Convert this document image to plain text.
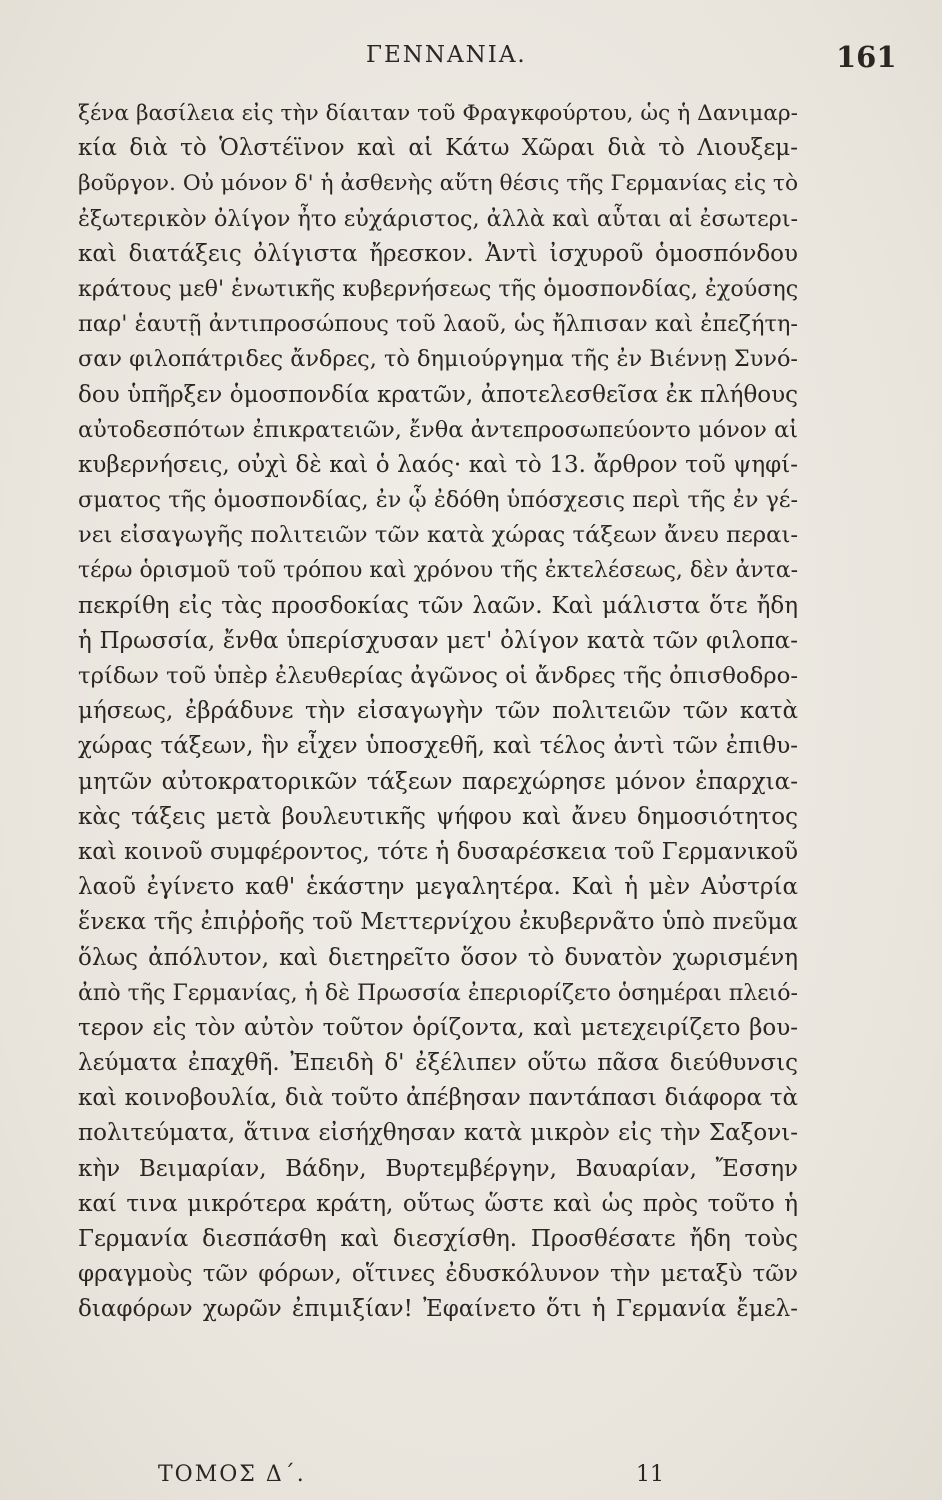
ΓΕΝΝΑΝΙΑ.	161
ξένα βασίλεια εἰς τὴν δίαιταν τοῦ Φραγκφούρτου, ὡς ἡ Δανιμαρ-
κία διὰ τὸ Ὁλστέϊνον καὶ αἱ Κάτω Χῶραι διὰ τὸ Λιουξεμ-
βοῦργον. Οὐ μόνον δ' ἡ ἀσθενὴς αὕτη θέσις τῆς Γερμανίας εἰς τὸ
ἐξωτερικὸν ὀλίγον ἦτο εὐχάριστος, ἀλλὰ καὶ αὗται αἱ ἐσωτερι-
καὶ διατάξεις ὀλίγιστα ἤρεσκον. Ἀντὶ ἰσχυροῦ ὁμοσπόνδου
κράτους μεθ' ἑνωτικῆς κυβερνήσεως τῆς ὁμοσπονδίας, ἐχούσης
παρ' ἑαυτῇ ἀντιπροσώπους τοῦ λαοῦ, ὡς ἤλπισαν καὶ ἐπεζήτη-
σαν φιλοπάτριδες ἄνδρες, τὸ δημιούργημα τῆς ἐν Βιέννῃ Συνό-
δου ὑπῆρξεν ὁμοσπονδία κρατῶν, ἀποτελεσθεῖσα ἐκ πλήθους
αὐτοδεσπότων ἐπικρατειῶν, ἔνθα ἀντεπροσωπεύοντο μόνον αἱ
κυβερνήσεις, οὐχὶ δὲ καὶ ὁ λαός· καὶ τὸ 13. ἄρθρον τοῦ ψηφί-
σματος τῆς ὁμοσπονδίας, ἐν ᾧ ἐδόθη ὑπόσχεσις περὶ τῆς ἐν γέ-
νει εἰσαγωγῆς πολιτειῶν τῶν κατὰ χώρας τάξεων ἄνευ περαι-
τέρω ὁρισμοῦ τοῦ τρόπου καὶ χρόνου τῆς ἐκτελέσεως, δὲν ἀντα-
πεκρίθη εἰς τὰς προσδοκίας τῶν λαῶν. Καὶ μάλιστα ὅτε ἤδη
ἡ Πρωσσία, ἔνθα ὑπερίσχυσαν μετ' ὀλίγον κατὰ τῶν φιλοπα-
τρίδων τοῦ ὑπὲρ ἐλευθερίας ἀγῶνος οἱ ἄνδρες τῆς ὀπισθοδρο-
μήσεως, ἐβράδυνε τὴν εἰσαγωγὴν τῶν πολιτειῶν τῶν κατὰ
χώρας τάξεων, ἣν εἶχεν ὑποσχεθῆ, καὶ τέλος ἀντὶ τῶν ἐπιθυ-
μητῶν αὐτοκρατορικῶν τάξεων παρεχώρησε μόνον ἐπαρχια-
κὰς τάξεις μετὰ βουλευτικῆς ψήφου καὶ ἄνευ δημοσιότητος
καὶ κοινοῦ συμφέροντος, τότε ἡ δυσαρέσκεια τοῦ Γερμανικοῦ
λαοῦ ἐγίνετο καθ' ἑκάστην μεγαλητέρα. Καὶ ἡ μὲν Αὐστρία
ἕνεκα τῆς ἐπιῤῥοῆς τοῦ Μεττερνίχου ἐκυβερνᾶτο ὑπὸ πνεῦμα
ὅλως ἀπόλυτον, καὶ διετηρεῖτο ὅσον τὸ δυνατὸν χωρισμένη
ἀπὸ τῆς Γερμανίας, ἡ δὲ Πρωσσία ἐπεριορίζετο ὁσημέραι πλειό-
τερον εἰς τὸν αὐτὸν τοῦτον ὁρίζοντα, καὶ μετεχειρίζετο βου-
λεύματα ἐπαχθῆ. Ἐπειδὴ δ' ἐξέλιπεν οὕτω πᾶσα διεύθυνσις
καὶ κοινοβουλία, διὰ τοῦτο ἀπέβησαν παντάπασι διάφορα τὰ
πολιτεύματα, ἅτινα εἰσήχθησαν κατὰ μικρὸν εἰς τὴν Σαξονι-
κὴν Βειμαρίαν, Βάδην, Βυρτεμβέργην, Βαυαρίαν, Ἔσσην
καί τινα μικρότερα κράτη, οὕτως ὥστε καὶ ὡς πρὸς τοῦτο ἡ
Γερμανία διεσπάσθη καὶ διεσχίσθη. Προσθέσατε ἤδη τοὺς
φραγμοὺς τῶν φόρων, οἵτινες ἐδυσκόλυνον τὴν μεταξὺ τῶν
διαφόρων χωρῶν ἐπιμιξίαν! Ἐφαίνετο ὅτι ἡ Γερμανία ἔμελ-
ΤΟΜΟΣ Δ΄.	11
